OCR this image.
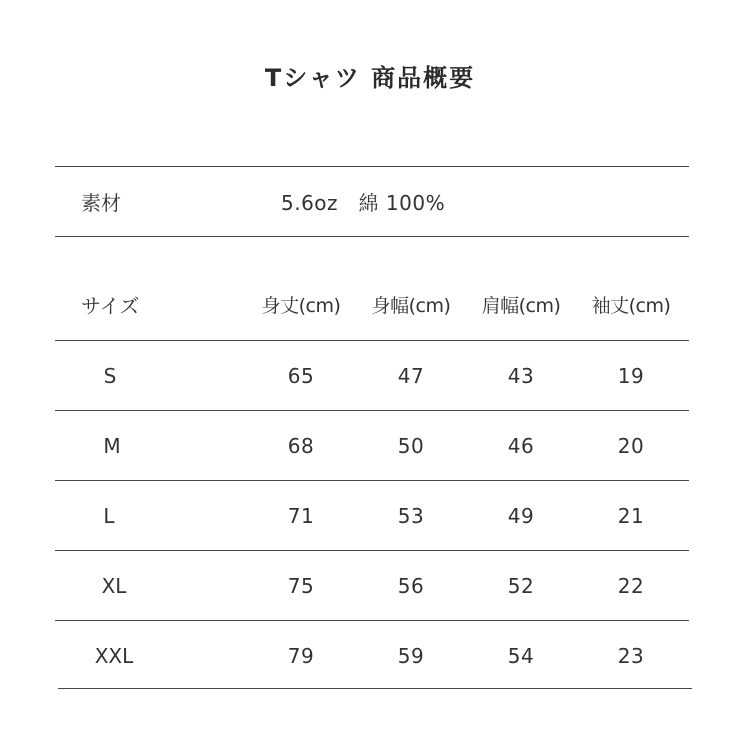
Tシャツ 商品概要
素材	5.6oz　綿 100%
サイズ	身丈(cm)	身幅(cm)	肩幅(cm)	袖丈(cm)
S	65	47	43	19
M	68	50	46	20
L	71	53	49	21
XL	75	56	52	22
XXL	79	59	54	23
